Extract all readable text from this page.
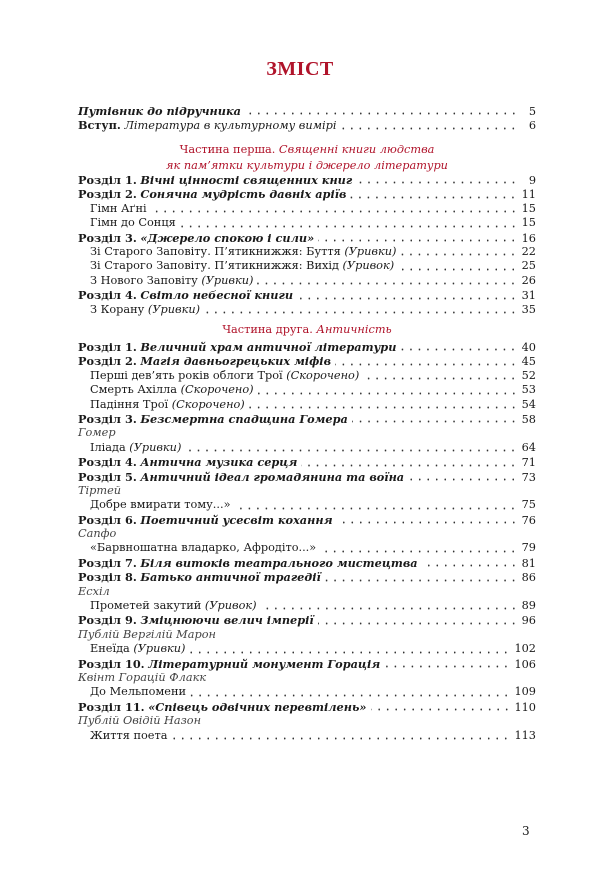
ЗМІСТ
Путівник до підручника	5
Вступ. Література в культурному вимірі	6
Частина перша. Священні книги людства
як пам’ятки культури і джерело літератури
Розділ 1. Вічні цінності священних книг	9
Розділ 2. Сонячна мудрість давніх аріїв	11
Гімн Аґні	15
Гімн до Сонця	15
Розділ 3. «Джерело спокою і сили»	16
Зі Старого Заповіту. П’ятикнижжя: Буття (Уривки)	22
Зі Старого Заповіту. П’ятикнижжя: Вихід (Уривок)	25
З Нового Заповіту (Уривки)	26
Розділ 4. Світло небесної книги	31
З Корану (Уривки)	35
Частина друга. Античність
Розділ 1. Величний храм античної літератури	40
Розділ 2. Магія давньогрецьких міфів	45
Перші дев’ять років облоги Трої (Скорочено)	52
Смерть Ахілла (Скорочено)	53
Падіння Трої (Скорочено)	54
Розділ 3. Безсмертна спадщина Гомера	58
Гомер
Іліада (Уривки)	64
Розділ 4. Антична музика серця	71
Розділ 5. Античний ідеал громадянина та воїна	73
Тіртей
Добре вмирати тому...»	75
Розділ 6. Поетичний усесвіт кохання	76
Сапфо
«Барвношатна владарко, Афродіто...»	79
Розділ 7. Біля витоків театрального мистецтва	81
Розділ 8. Батько античної трагедії	86
Есхіл
Прометей закутий (Уривок)	89
Розділ 9. Зміцнюючи велич імперії	96
Публій Вергілій Марон
Енеїда (Уривки)	102
Розділ 10. Літературний монумент Горація	106
Квінт Горацій Флакк
До Мельпомени	109
Розділ 11. «Співець одвічних перевтілень»	110
Публій Овідій Назон
Життя поета	113
3
